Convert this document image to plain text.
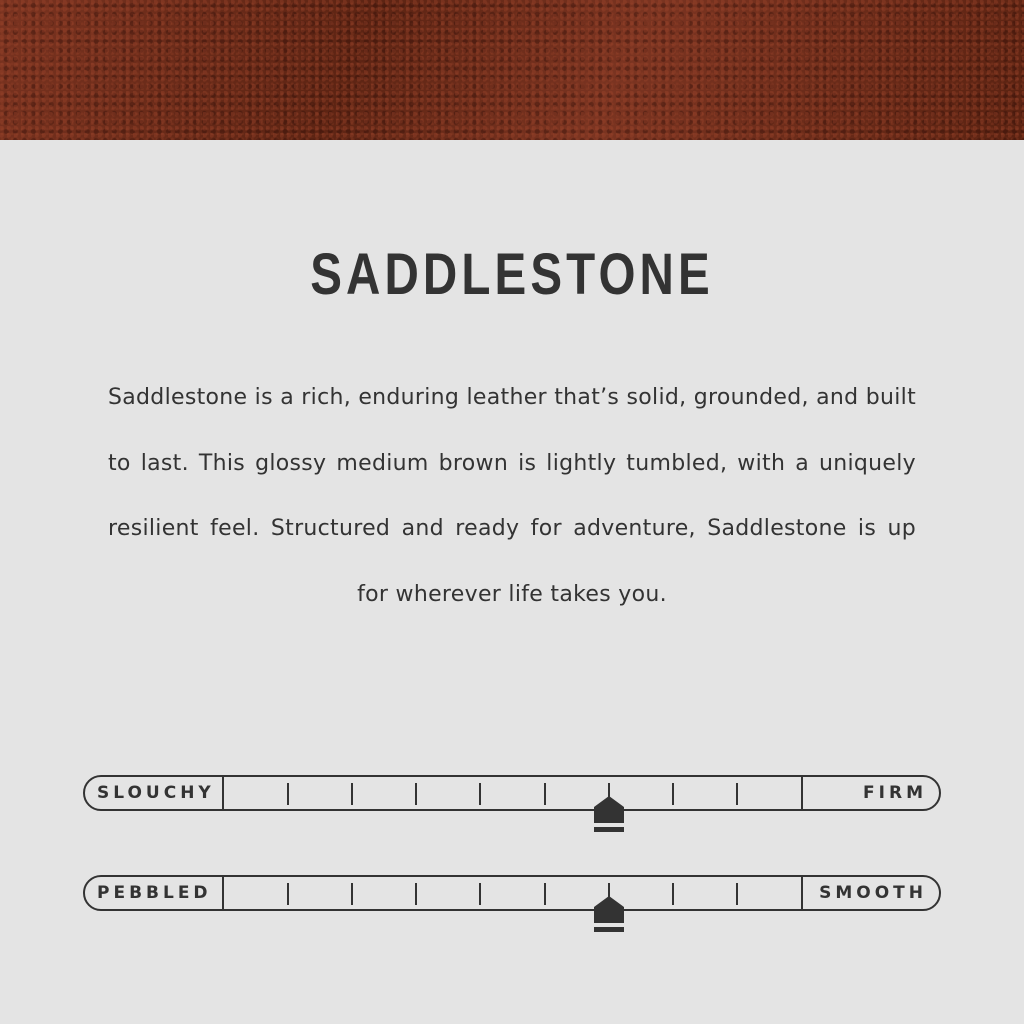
SADDLESTONE
Saddlestone is a rich, enduring leather that’s solid, grounded, and built to last. This glossy medium brown is lightly tumbled, with a uniquely resilient feel. Structured and ready for adventure, Saddlestone is up for wherever life takes you.
SLOUCHY	FIRM
PEBBLED	SMOOTH
